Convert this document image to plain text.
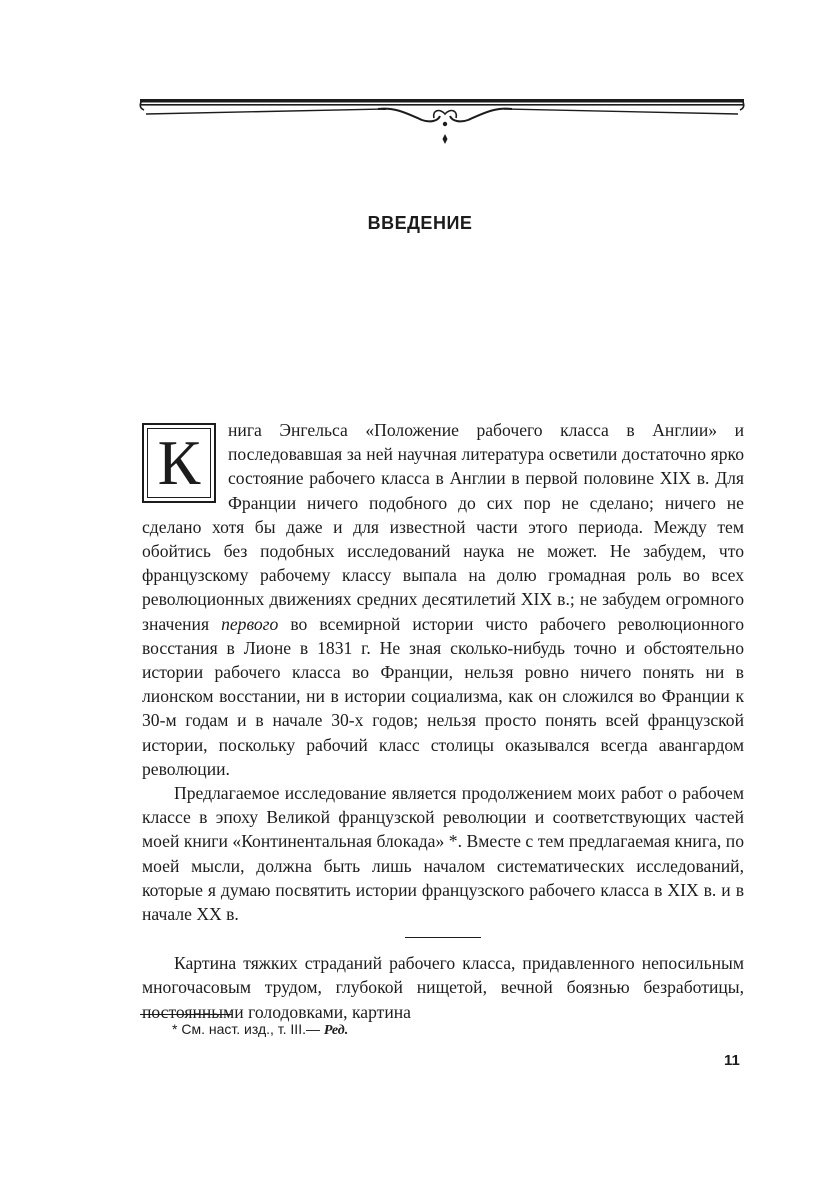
ВВЕДЕНИЕ

К	нига Энгельса «Положение рабочего класса в Англии» и последовавшая за ней научная литература осветили достаточно ярко состояние рабочего класса в Англии в первой половине XIX в. Для Франции ничего подобного до сих пор не сделано; ничего не сделано хотя бы даже и для известной части этого периода. Между тем обойтись без подобных исследований наука не может. Не забудем, что французскому рабочему классу выпала на долю громадная роль во всех революционных движениях средних десятилетий XIX в.; не забудем огромного значения первого во всемирной истории чисто рабочего революционного восстания в Лионе в 1831 г. Не зная сколько-нибудь точно и обстоятельно истории рабочего класса во Франции, нельзя ровно ничего понять ни в лионском восстании, ни в истории социализма, как он сложился во Франции к 30-м годам и в начале 30-х годов; нельзя просто понять всей французской истории, поскольку рабочий класс столицы оказывался всегда авангардом революции.

Предлагаемое исследование является продолжением моих работ о рабочем классе в эпоху Великой французской революции и соответствующих частей моей книги «Континентальная блокада» *. Вместе с тем предлагаемая книга, по моей мысли, должна быть лишь началом систематических исследований, которые я думаю посвятить истории французского рабочего класса в XIX в. и в начале XX в.

Картина тяжких страданий рабочего класса, придавленного непосильным многочасовым трудом, глубокой нищетой, вечной боязнью безработицы, постоянными голодовками, картина

* См. наст. изд., т. III.— Ред.
11
